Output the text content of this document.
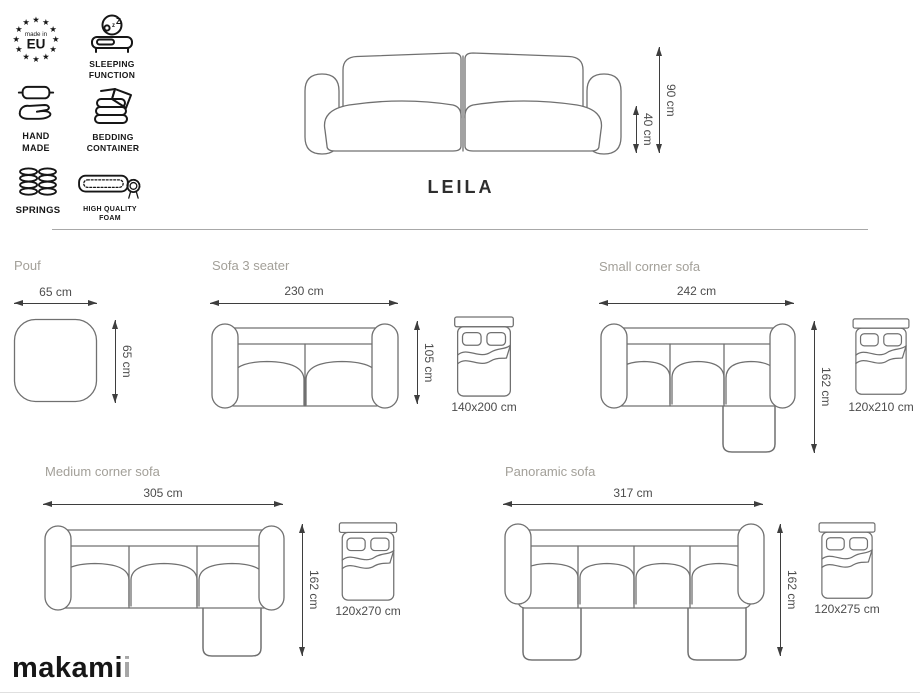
★ ★
★
★
★
★
★
★
★
★
★
★
made in
EU
z Z
SLEEPING FUNCTION
HAND MADE
BEDDING CONTAINER
SPRINGS	HIGH QUALITY FOAM
90 cm
40 cm
LEILA
Pouf
65 cm
65 cm
Sofa 3 seater
230 cm
105 cm
140x200 cm
Small corner sofa
242 cm
162 cm
120x210 cm
Medium corner sofa
305 cm
162 cm
120x270 cm
Panoramic sofa
317 cm
162 cm	120x275 cm
makamii
